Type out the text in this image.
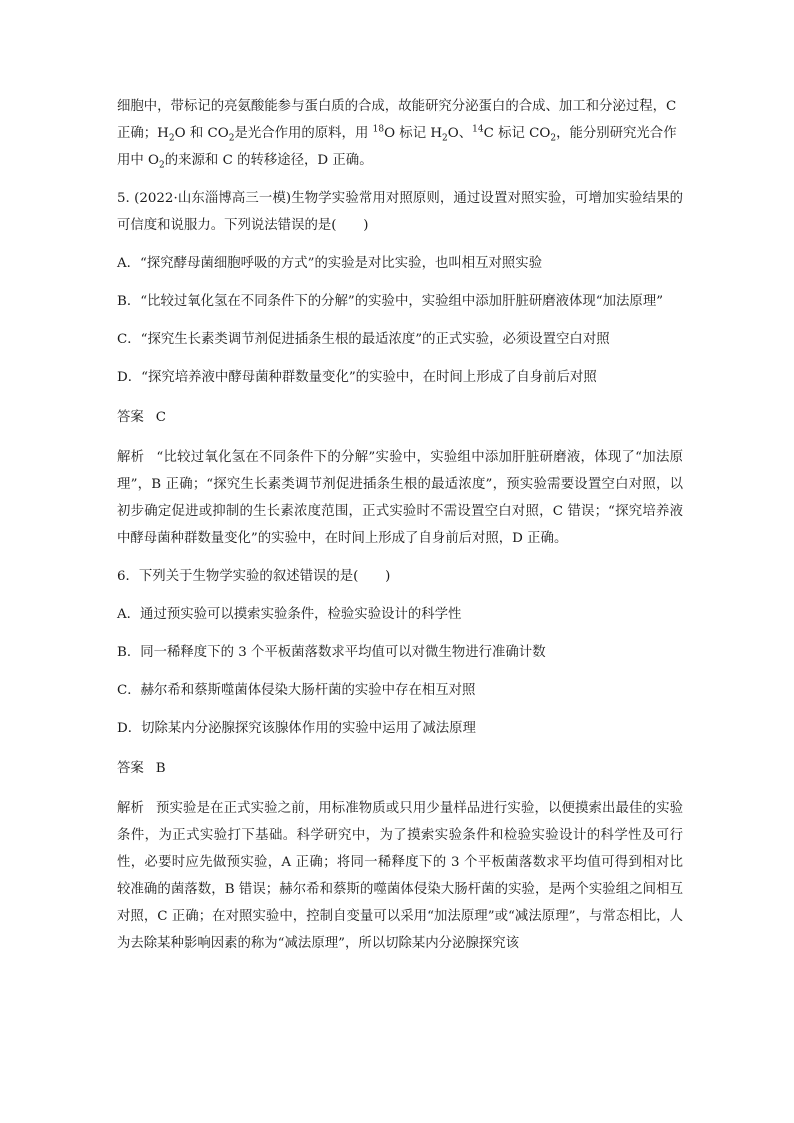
细胞中，带标记的亮氨酸能参与蛋白质的合成，故能研究分泌蛋白的合成、加工和分泌过程，C
正确；$H_2O$ 和 $CO_2$是光合作用的原料，用 $^{18}$O 标记 $H_2O$、$^{14}$C 标记 $CO_2$，能分别研究光合作
用中 $O_2$的来源和 C 的转移途径，D 正确。

5. (2022·山东淄博高三一模)生物学实验常用对照原则，通过设置对照实验，可增加实验结果的可信度和说服力。下列说法错误的是(　　)

A．“探究酵母菌细胞呼吸的方式”的实验是对比实验，也叫相互对照实验

B．“比较过氧化氢在不同条件下的分解”的实验中，实验组中添加肝脏研磨液体现“加法原理”

C．“探究生长素类调节剂促进插条生根的最适浓度”的正式实验，必须设置空白对照

D．“探究培养液中酵母菌种群数量变化”的实验中，在时间上形成了自身前后对照

答案 C

解析 “比较过氧化氢在不同条件下的分解”实验中，实验组中添加肝脏研磨液，体现了“加法原理”，B 正确；“探究生长素类调节剂促进插条生根的最适浓度”，预实验需要设置空白对照，以初步确定促进或抑制的生长素浓度范围，正式实验时不需设置空白对照，C 错误；“探究培养液中酵母菌种群数量变化”的实验中，在时间上形成了自身前后对照，D 正确。

6．下列关于生物学实验的叙述错误的是(　　)

A．通过预实验可以摸索实验条件，检验实验设计的科学性

B．同一稀释度下的 3 个平板菌落数求平均值可以对微生物进行准确计数

C．赫尔希和蔡斯噬菌体侵染大肠杆菌的实验中存在相互对照

D．切除某内分泌腺探究该腺体作用的实验中运用了减法原理

答案 B

解析 预实验是在正式实验之前，用标准物质或只用少量样品进行实验，以便摸索出最佳的实验条件，为正式实验打下基础。科学研究中，为了摸索实验条件和检验实验设计的科学性及可行性，必要时应先做预实验，A 正确；将同一稀释度下的 3 个平板菌落数求平均值可得到相对比较准确的菌落数，B 错误；赫尔希和蔡斯的噬菌体侵染大肠杆菌的实验，是两个实验组之间相互对照，C 正确；在对照实验中，控制自变量可以采用“加法原理”或“减法原理”，与常态相比，人为去除某种影响因素的称为“减法原理”，所以切除某内分泌腺探究该
